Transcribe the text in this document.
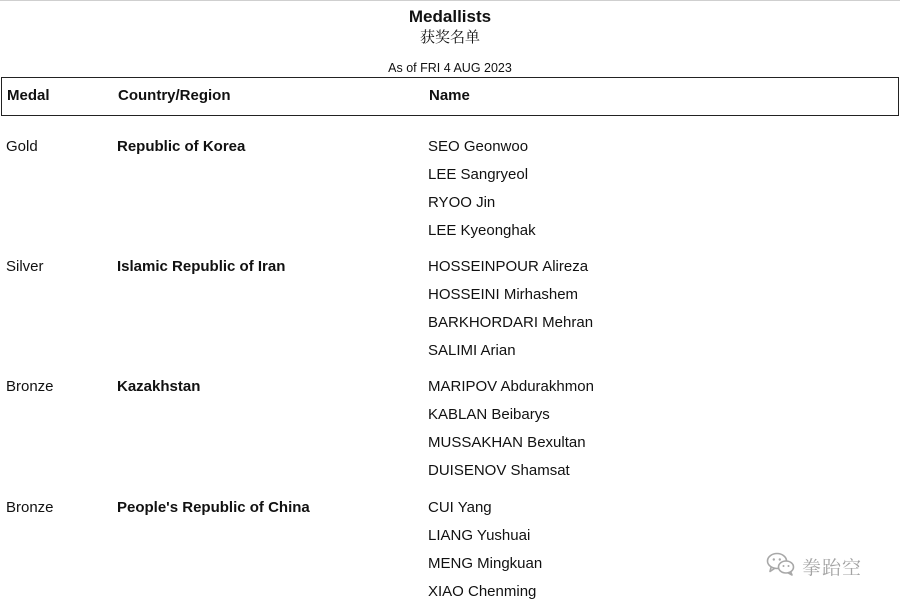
Medallists
获奖名单
As of FRI 4 AUG 2023
Medal	Country/Region	Name
Gold	Republic of Korea	SEO Geonwoo
LEE Sangryeol
RYOO Jin
LEE Kyeonghak
Silver	Islamic Republic of Iran	HOSSEINPOUR Alireza
HOSSEINI Mirhashem
BARKHORDARI Mehran
SALIMI Arian
Bronze	Kazakhstan	MARIPOV Abdurakhmon
KABLAN Beibarys
MUSSAKHAN Bexultan
DUISENOV Shamsat
Bronze	People's Republic of China	CUI Yang
LIANG Yushuai
MENG Mingkuan
XIAO Chenming
拳跆空
